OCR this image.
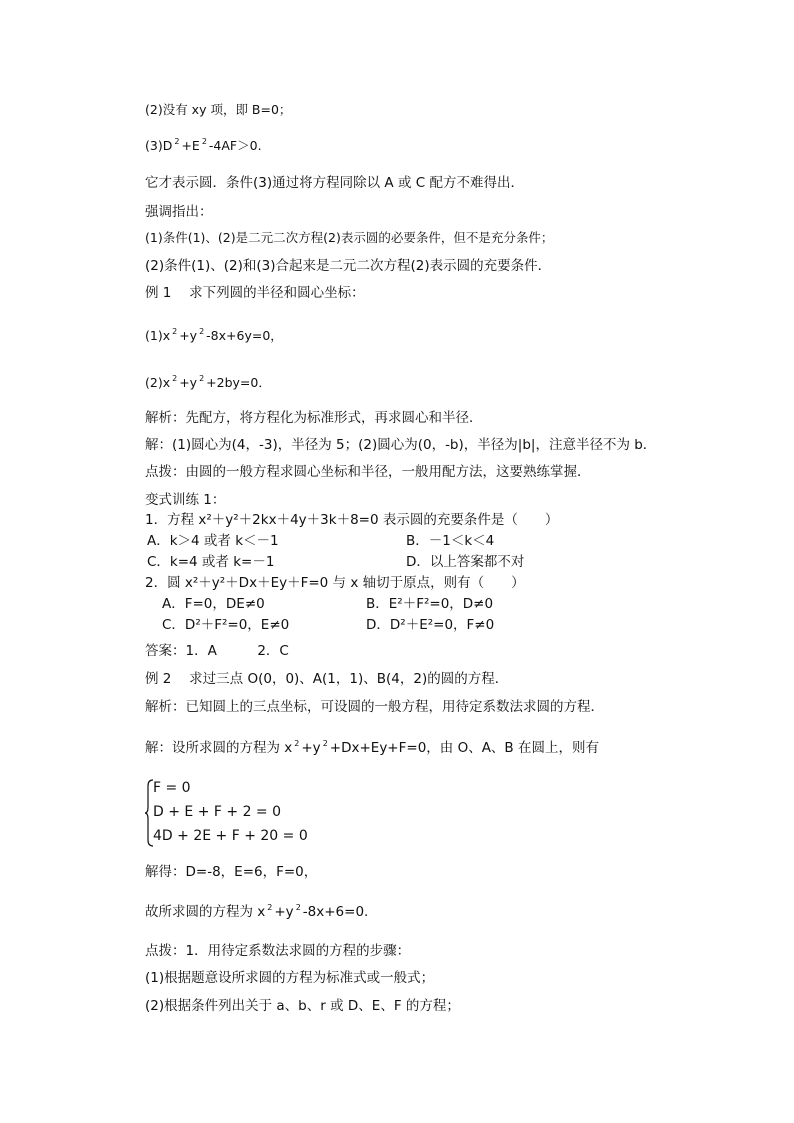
(2)没有 xy 项，即 B=0；
(3)D $^2$ +E $^2$ -4AF＞0.
它才表示圆．条件(3)通过将方程同除以 A 或 C 配方不难得出．
强调指出：
(1)条件(1)、(2)是二元二次方程(2)表示圆的必要条件，但不是充分条件；
(2)条件(1)、(2)和(3)合起来是二元二次方程(2)表示圆的充要条件．
例 1　 求下列圆的半径和圆心坐标：
(1)x $^2$ +y $^2$ -8x+6y=0，
(2)x $^2$ +y $^2$ +2by=0．
解析：先配方，将方程化为标准形式，再求圆心和半径．
解：(1)圆心为(4，-3)，半径为 5；(2)圆心为(0，-b)，半径为|b|，注意半径不为 b．
点拨：由圆的一般方程求圆心坐标和半径，一般用配方法，这要熟练掌握．
变式训练 1：
1．方程 x²＋y²＋2kx＋4y＋3k＋8=0 表示圆的充要条件是（　　）
A．k＞4 或者 k＜－1	B．－1＜k＜4
C．k=4 或者 k=－1	D．以上答案都不对
2．圆 x²＋y²＋Dx＋Ey＋F=0 与 x 轴切于原点，则有（　　）
A．F=0，DE≠0	B．E²＋F²=0，D≠0
C．D²＋F²=0，E≠0	D．D²＋E²=0，F≠0
答案：1．A　　　2．C
例 2　 求过三点 O(0，0)、A(1，1)、B(4，2)的圆的方程．
解析：已知圆上的三点坐标，可设圆的一般方程，用待定系数法求圆的方程．
解：设所求圆的方程为 x $^2$ +y $^2$ +Dx+Ey+F=0，由 O、A、B 在圆上，则有
F = 0
D + E + F + 2 = 0
4D + 2E + F + 20 = 0
解得：D=-8，E=6，F=0，
故所求圆的方程为 x $^2$ +y $^2$ -8x+6=0.
点拨：1．用待定系数法求圆的方程的步骤：
(1)根据题意设所求圆的方程为标准式或一般式；
(2)根据条件列出关于 a、b、r 或 D、E、F 的方程；
